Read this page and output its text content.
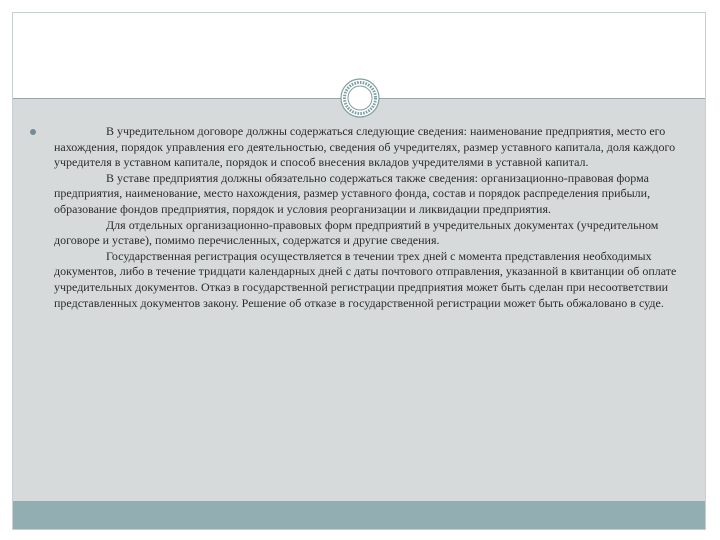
В учредительном договоре должны содержаться следующие сведения: наименование предприятия, место его нахождения, порядок управления его деятельностью, сведения об учредителях, размер уставного капитала, доля каждого учредителя в уставном капитале, порядок и способ внесения вкладов учредителями в уставной капитал.

В уставе предприятия должны обязательно содержаться также сведения: организационно-правовая форма предприятия, наименование, место нахождения, размер уставного фонда, состав и порядок распределения прибыли, образование фондов предприятия, порядок и условия реорганизации и ликвидации предприятия.

Для отдельных организационно-правовых форм предприятий в учредительных документах (учредительном договоре и уставе), помимо перечисленных, содержатся и другие сведения.

Государственная регистрация осуществляется в течении трех дней с момента представления необходимых документов, либо в течение тридцати календарных дней с даты почтового отправления, указанной в квитанции об оплате учредительных документов. Отказ в государственной регистрации предприятия может быть сделан при несоответствии представленных документов закону. Решение об отказе в государственной регистрации может быть обжаловано в суде.
